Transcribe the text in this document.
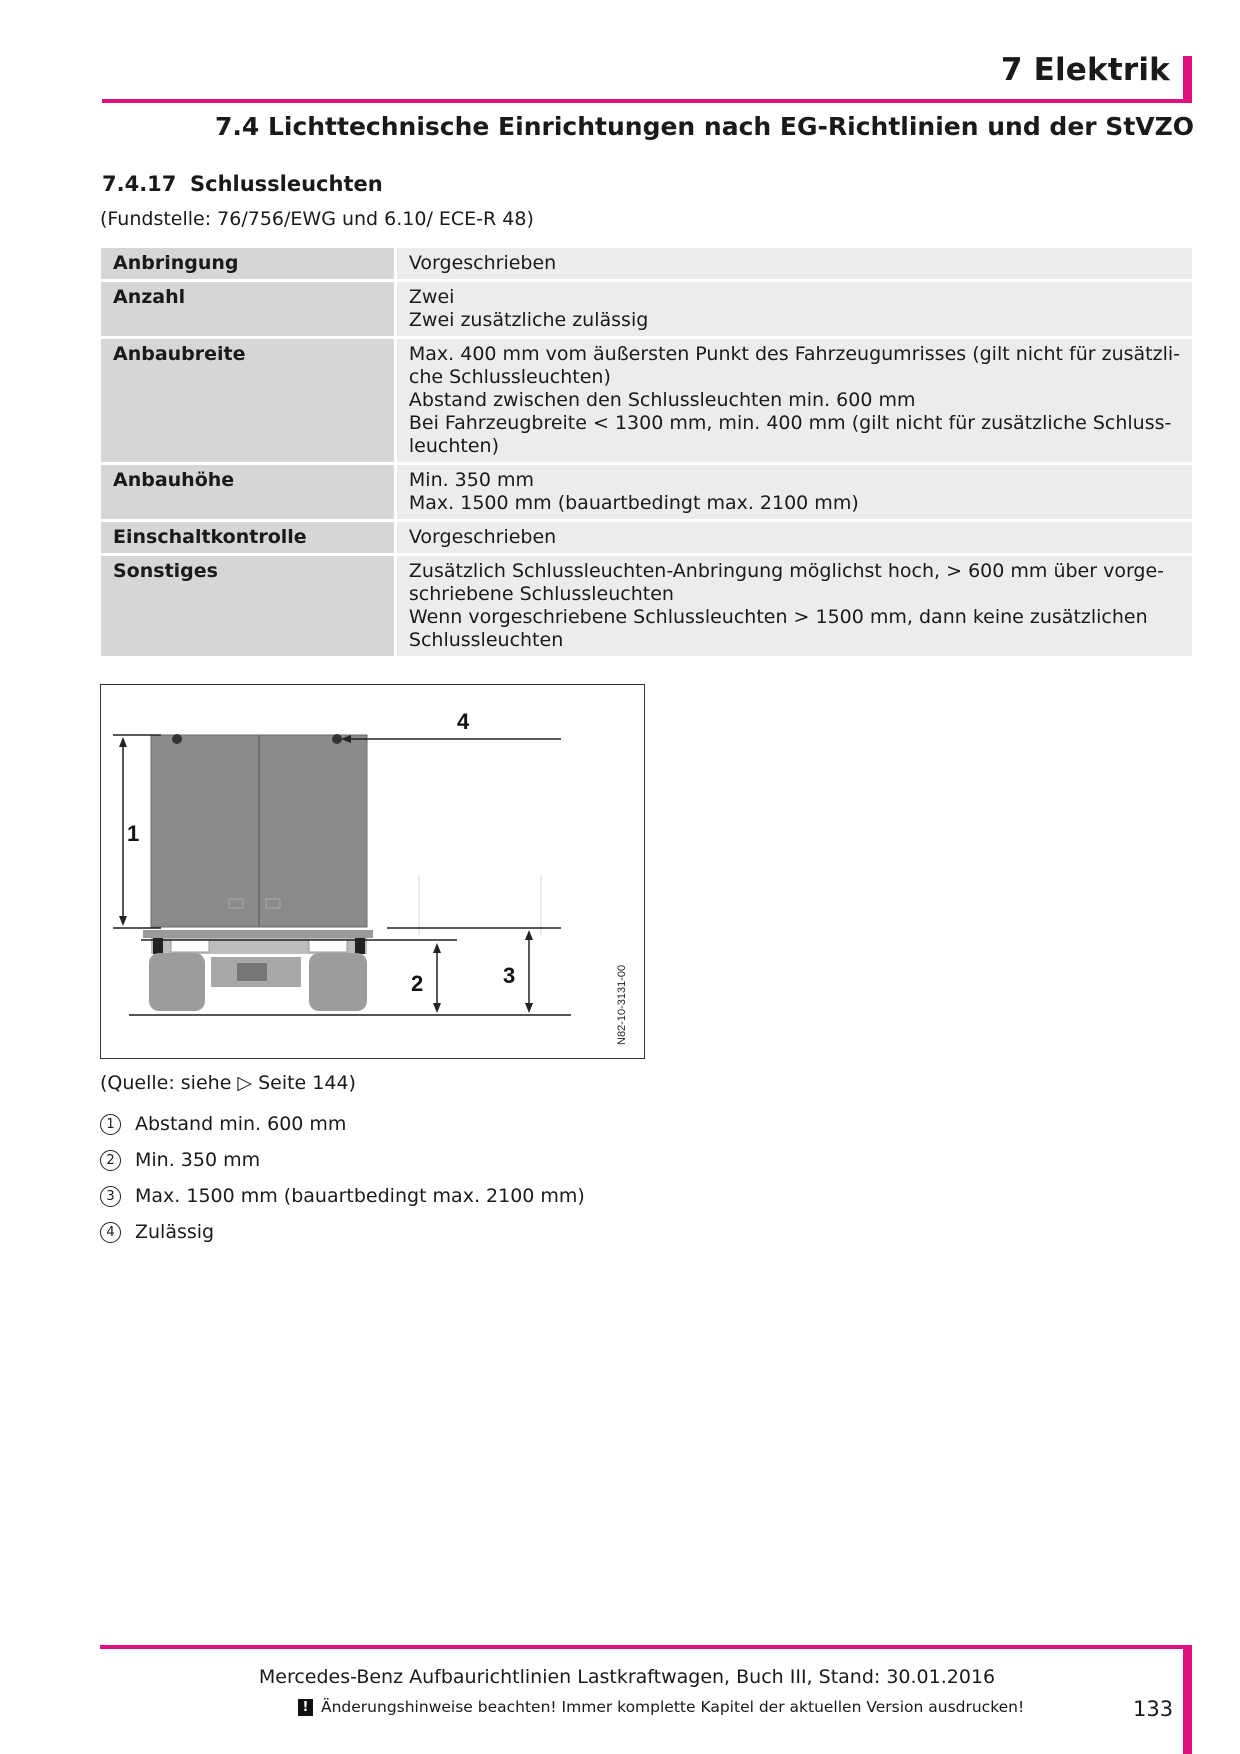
7 Elektrik
7.4 Lichttechnische Einrichtungen nach EG-Richtlinien und der StVZO
7.4.17 Schlussleuchten
(Fundstelle: 76/756/EWG und 6.10/ ECE-R 48)
Anbringung	Vorgeschrieben

Anzahl	Zwei
Zwei zusätzliche zulässig

Anbaubreite	Max. 400 mm vom äußersten Punkt des Fahrzeugumrisses (gilt nicht für zusätzli-
che Schlussleuchten)
Abstand zwischen den Schlussleuchten min. 600 mm
Bei Fahrzeugbreite < 1300 mm, min. 400 mm (gilt nicht für zusätzliche Schluss-
leuchten)

Anbauhöhe	Min. 350 mm
Max. 1500 mm (bauartbedingt max. 2100 mm)

Einschaltkontrolle	Vorgeschrieben

Sonstiges	Zusätzlich Schlussleuchten-Anbringung möglichst hoch, > 600 mm über vorge-
schriebene Schlussleuchten
Wenn vorgeschriebene Schlussleuchten > 1500 mm, dann keine zusätzlichen
Schlussleuchten
4
1
2	3	N82-10-3131-00
(Quelle: siehe ▷ Seite 144)
1	Abstand min. 600 mm
2	Min. 350 mm
3	Max. 1500 mm (bauartbedingt max. 2100 mm)
4	Zulässig
Mercedes-Benz Aufbaurichtlinien Lastkraftwagen, Buch III, Stand: 30.01.2016
! Änderungshinweise beachten! Immer komplette Kapitel der aktuellen Version ausdrucken!	133
